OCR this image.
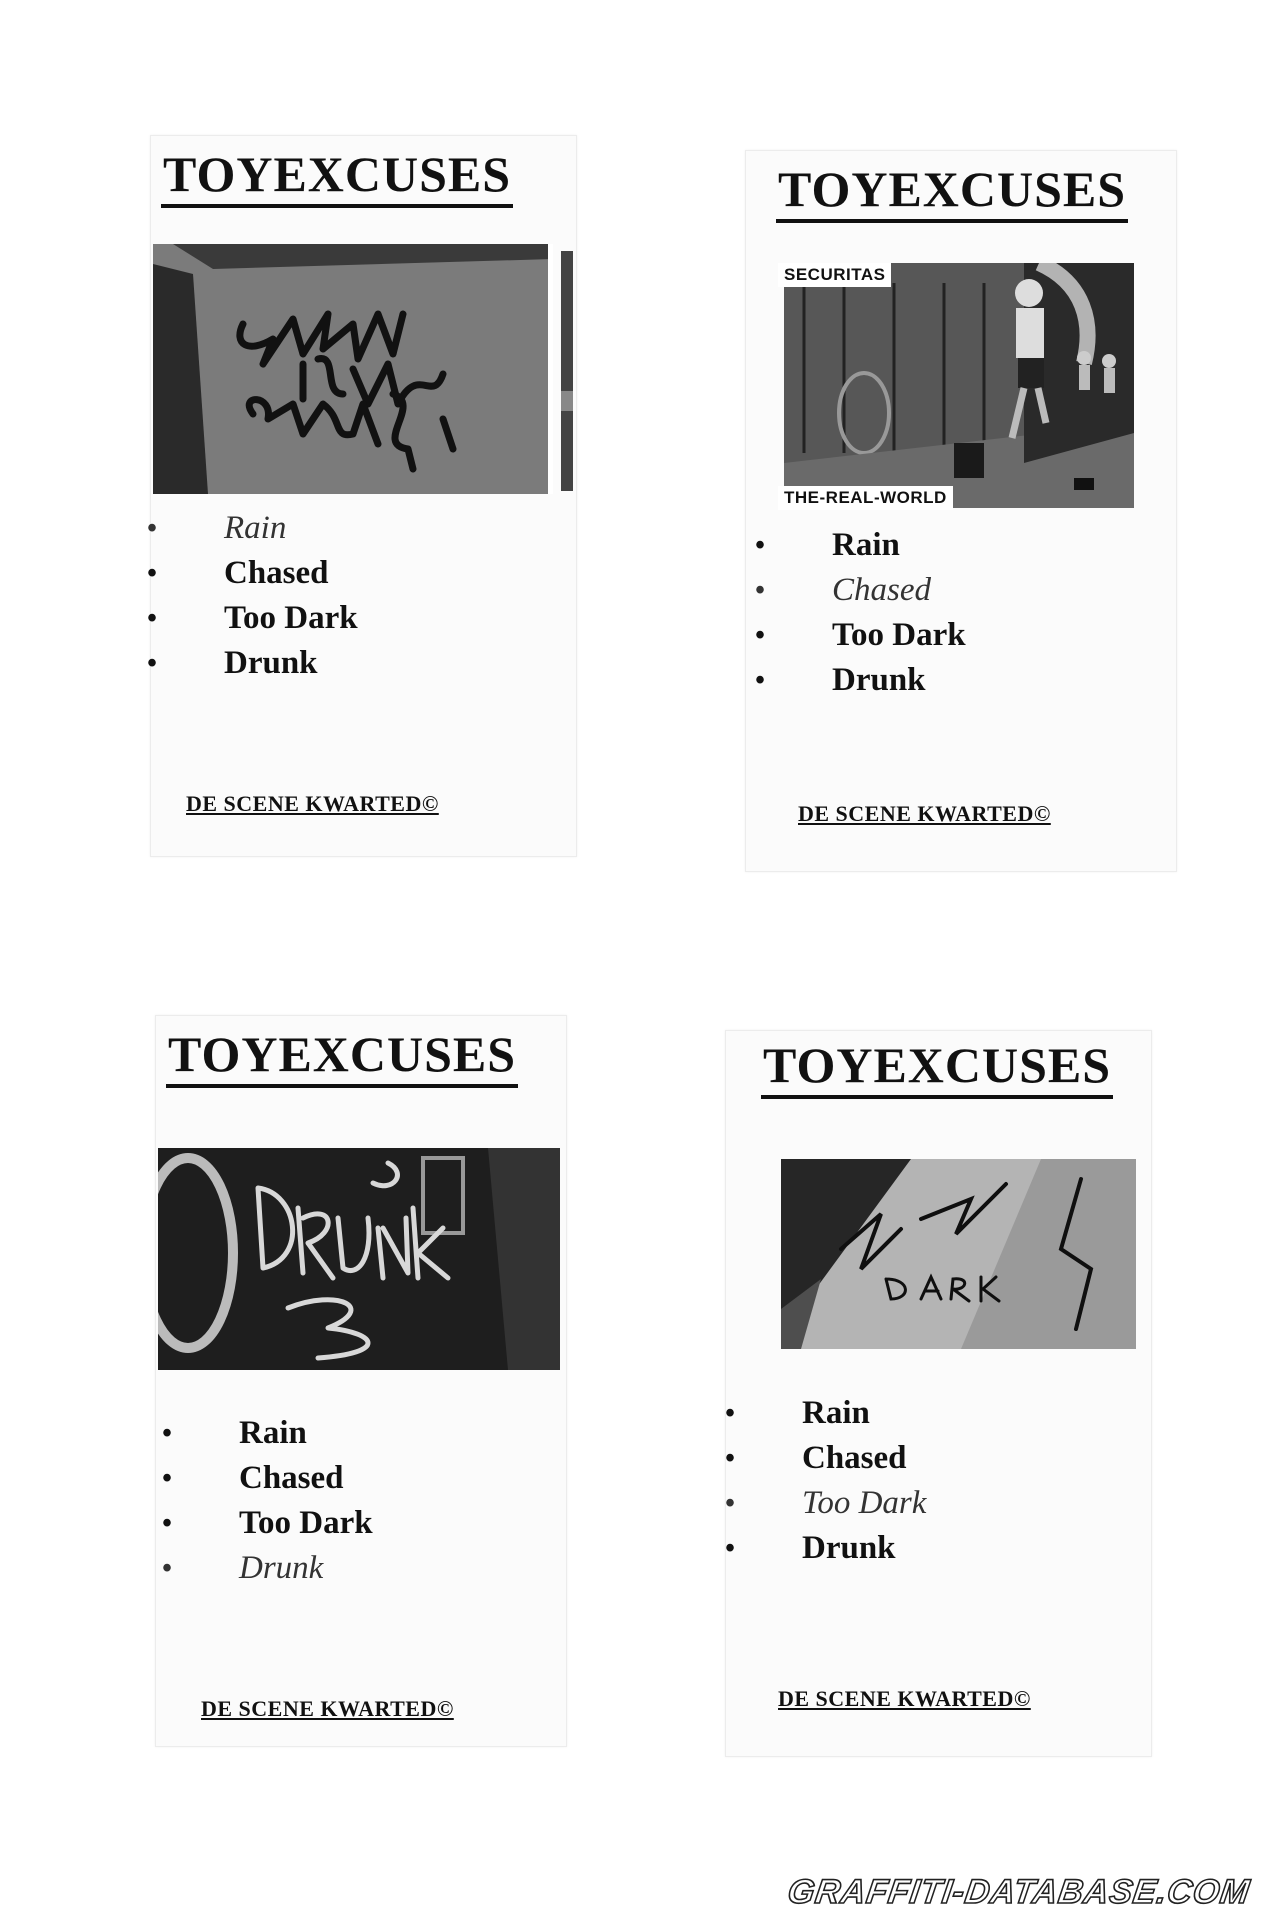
TOYEXCUSES
• Rain
• Chased
• Too Dark
• Drunk
DE SCENE KWARTED©
TOYEXCUSES
SECURITAS
THE-REAL-WORLD
• Rain
• Chased
• Too Dark
• Drunk
DE SCENE KWARTED©
TOYEXCUSES
• Rain
• Chased
• Too Dark
• Drunk
DE SCENE KWARTED©
TOYEXCUSES
• Rain
• Chased
• Too Dark
• Drunk
DE SCENE KWARTED©
GRAFFITI-DATABASE.COM
